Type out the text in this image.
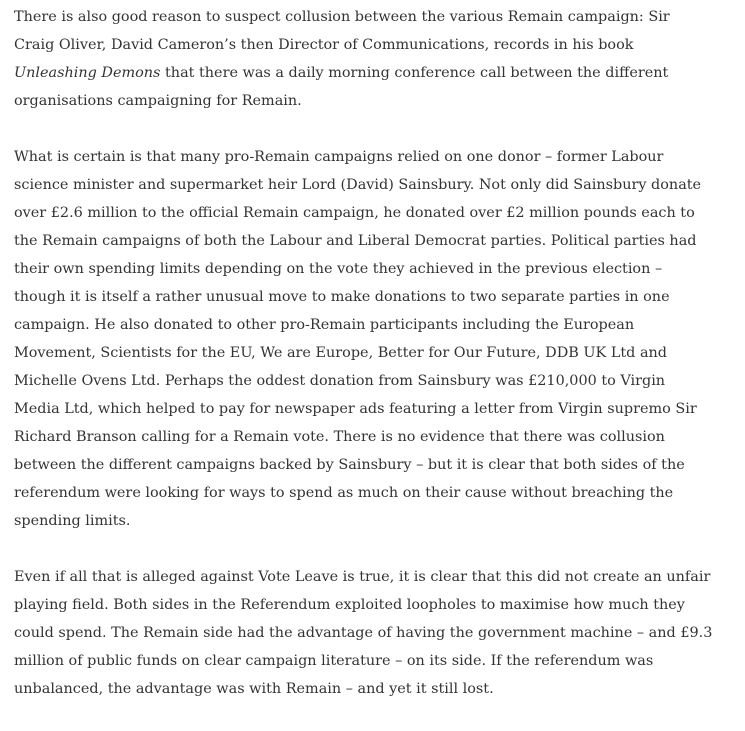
There is also good reason to suspect collusion between the various Remain campaign: Sir Craig Oliver, David Cameron’s then Director of Communications, records in his book Unleashing Demons that there was a daily morning conference call between the different organisations campaigning for Remain.

What is certain is that many pro-Remain campaigns relied on one donor – former Labour science minister and supermarket heir Lord (David) Sainsbury. Not only did Sainsbury donate over £2.6 million to the official Remain campaign, he donated over £2 million pounds each to the Remain campaigns of both the Labour and Liberal Democrat parties. Political parties had their own spending limits depending on the vote they achieved in the previous election – though it is itself a rather unusual move to make donations to two separate parties in one campaign. He also donated to other pro-Remain participants including the European Movement, Scientists for the EU, We are Europe, Better for Our Future, DDB UK Ltd and Michelle Ovens Ltd. Perhaps the oddest donation from Sainsbury was £210,000 to Virgin Media Ltd, which helped to pay for newspaper ads featuring a letter from Virgin supremo Sir Richard Branson calling for a Remain vote. There is no evidence that there was collusion between the different campaigns backed by Sainsbury – but it is clear that both sides of the referendum were looking for ways to spend as much on their cause without breaching the spending limits.

Even if all that is alleged against Vote Leave is true, it is clear that this did not create an unfair playing field. Both sides in the Referendum exploited loopholes to maximise how much they could spend. The Remain side had the advantage of having the government machine – and £9.3 million of public funds on clear campaign literature – on its side. If the referendum was unbalanced, the advantage was with Remain – and yet it still lost.
